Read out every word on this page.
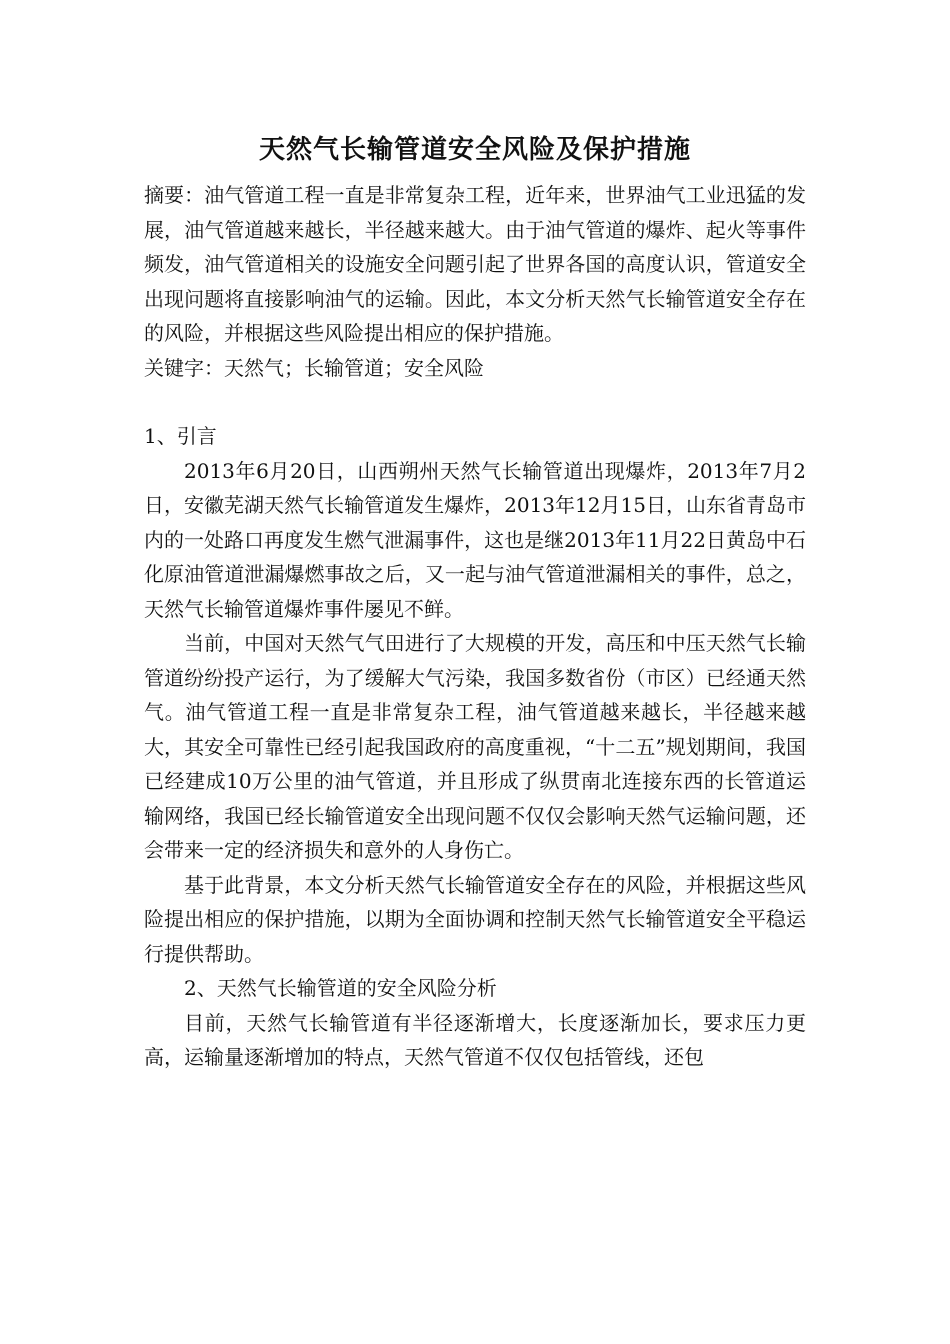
天然气长输管道安全风险及保护措施

摘要：油气管道工程一直是非常复杂工程，近年来，世界油气工业迅猛的发展，油气管道越来越长，半径越来越大。由于油气管道的爆炸、起火等事件频发，油气管道相关的设施安全问题引起了世界各国的高度认识，管道安全出现问题将直接影响油气的运输。因此，本文分析天然气长输管道安全存在的风险，并根据这些风险提出相应的保护措施。

关键字：天然气；长输管道；安全风险

1、引言

2013年6月20日，山西朔州天然气长输管道出现爆炸，2013年7月2日，安徽芜湖天然气长输管道发生爆炸，2013年12月15日，山东省青岛市内的一处路口再度发生燃气泄漏事件，这也是继2013年11月22日黄岛中石化原油管道泄漏爆燃事故之后，又一起与油气管道泄漏相关的事件，总之，天然气长输管道爆炸事件屡见不鲜。

当前，中国对天然气气田进行了大规模的开发，高压和中压天然气长输管道纷纷投产运行，为了缓解大气污染，我国多数省份（市区）已经通天然气。油气管道工程一直是非常复杂工程，油气管道越来越长，半径越来越大，其安全可靠性已经引起我国政府的高度重视，“十二五”规划期间，我国已经建成10万公里的油气管道，并且形成了纵贯南北连接东西的长管道运输网络，我国已经长输管道安全出现问题不仅仅会影响天然气运输问题，还会带来一定的经济损失和意外的人身伤亡。

基于此背景，本文分析天然气长输管道安全存在的风险，并根据这些风险提出相应的保护措施，以期为全面协调和控制天然气长输管道安全平稳运行提供帮助。

2、天然气长输管道的安全风险分析

目前，天然气长输管道有半径逐渐增大，长度逐渐加长，要求压力更高，运输量逐渐增加的特点，天然气管道不仅仅包括管线，还包
